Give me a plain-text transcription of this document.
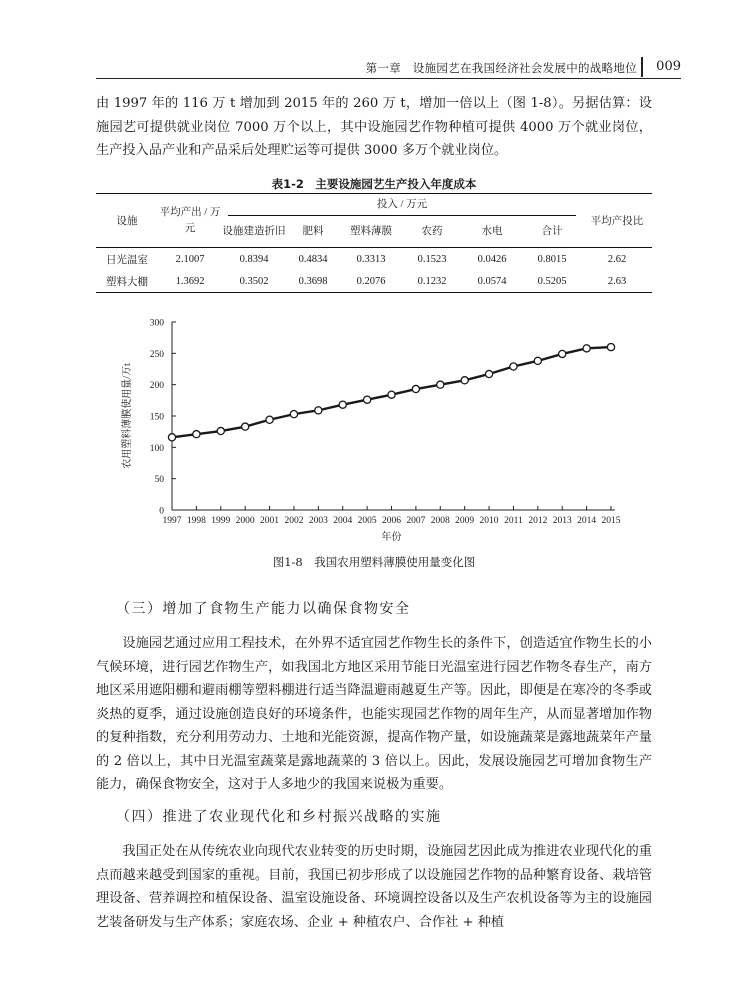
第一章　设施园艺在我国经济社会发展中的战略地位	009

由 1997 年的 116 万 t 增加到 2015 年的 260 万 t，增加一倍以上（图 1-8）。另据估算：设施园艺可提供就业岗位 7000 万个以上，其中设施园艺作物种植可提供 4000 万个就业岗位，生产投入品产业和产品采后处理贮运等可提供 3000 多万个就业岗位。

表1-2　主要设施园艺生产投入年度成本
设施	平均产出 / 万元	投入 / 万元						平均产投比
		设施建造折旧	肥料	塑料薄膜	农药	水电	合计	
日光温室	2.1007	0.8394	0.4834	0.3313	0.1523	0.0426	0.8015	2.62
塑料大棚	1.3692	0.3502	0.3698	0.2076	0.1232	0.0574	0.5205	2.63
0
50
100
150
200
250
300
1997 1998 1999 2000 2001 2002 2003 2004 2005 2006 2007 2008 2009 2010 2011 2012 2013 2014 2015
年份
农用塑料薄膜使用量/万t
图1-8　我国农用塑料薄膜使用量变化图
（三）增加了食物生产能力以确保食物安全

设施园艺通过应用工程技术，在外界不适宜园艺作物生长的条件下，创造适宜作物生长的小气候环境，进行园艺作物生产，如我国北方地区采用节能日光温室进行园艺作物冬春生产，南方地区采用遮阳棚和避雨棚等塑料棚进行适当降温避雨越夏生产等。因此，即便是在寒冷的冬季或炎热的夏季，通过设施创造良好的环境条件，也能实现园艺作物的周年生产，从而显著增加作物的复种指数，充分利用劳动力、土地和光能资源，提高作物产量，如设施蔬菜是露地蔬菜年产量的 2 倍以上，其中日光温室蔬菜是露地蔬菜的 3 倍以上。因此，发展设施园艺可增加食物生产能力，确保食物安全，这对于人多地少的我国来说极为重要。

（四）推进了农业现代化和乡村振兴战略的实施

我国正处在从传统农业向现代农业转变的历史时期，设施园艺因此成为推进农业现代化的重点而越来越受到国家的重视。目前，我国已初步形成了以设施园艺作物的品种繁育设备、栽培管理设备、营养调控和植保设备、温室设施设备、环境调控设备以及生产农机设备等为主的设施园艺装备研发与生产体系；家庭农场、企业 + 种植农户、合作社 + 种植
